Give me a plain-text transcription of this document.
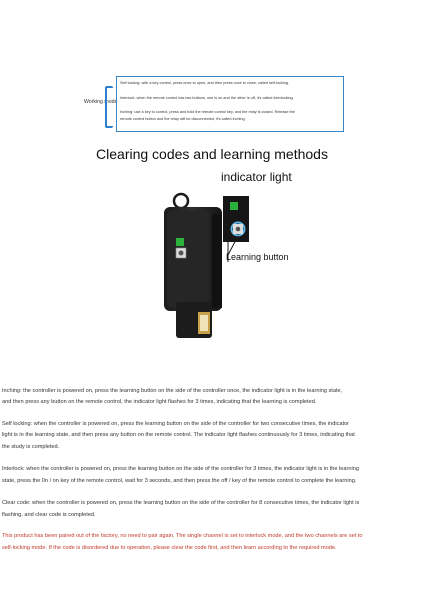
Working mode
Self locking: with a key control, press once to open, and then press once to close, called self-locking.
Interlock: when the remote control has two buttons, one is on and the other is off, it's called interlocking.
Inching: use a key to control, press and hold the remote control key, and the relay is closed. Release the
remote control button and the relay will be disconnected, it's called inching.
Clearing codes and learning methods
indicator light
Learning button
Inching: the controller is powered on, press the learning button on the side of the controller once, the indicator light is in the learning state,
and then press any button on the remote control, the indicator light flashes for 3 times, indicating that the learning is completed.
Self locking: when the controller is powered on, press the learning button on the side of the controller for two consecutive times, the indicator
light is in the learning state, and then press any button on the remote control. The indicator light flashes continuously for 3 times, indicating that
the study is completed.
Interlock: when the controller is powered on, press the learning button on the side of the controller for 3 times, the indicator light is in the learning
state, press the 0n / on key of the remote control, wait for 3 seconds, and then press the off / key of the remote control to complete the learning.
Clear code: when the controller is powered on, press the learning button on the side of the controller for 8 consecutive times, the indicator light is
flashing, and clear code is completed.
This product has been paired out of the factory, no need to pair again. The single channel is set to interlock mode, and the two channels are set to
self-locking mode. If the code is disordered due to operation, please clear the code first, and then learn according to the required mode.
